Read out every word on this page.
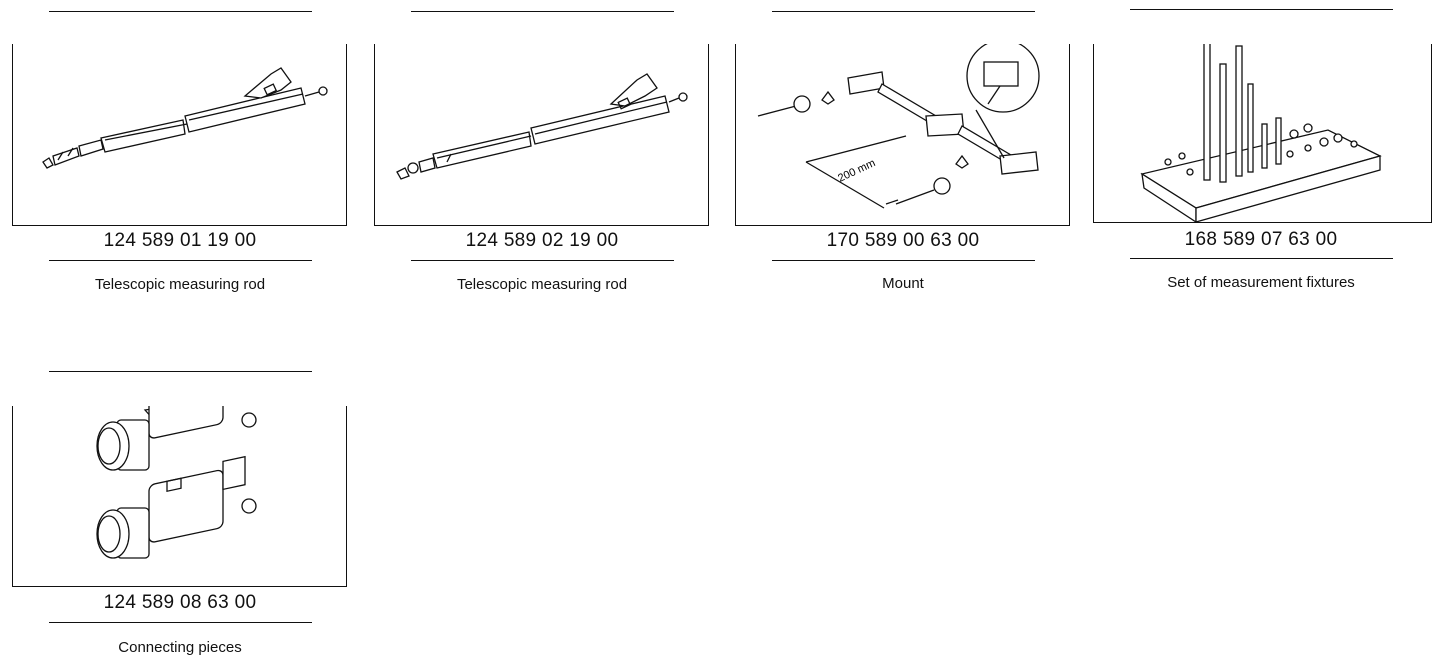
124 589 01 19 00
Telescopic measuring rod
124 589 02 19 00
Telescopic measuring rod
200 mm
170 589 00 63 00
Mount
168 589 07 63 00
Set of measurement fixtures
124 589 08 63 00
Connecting pieces
